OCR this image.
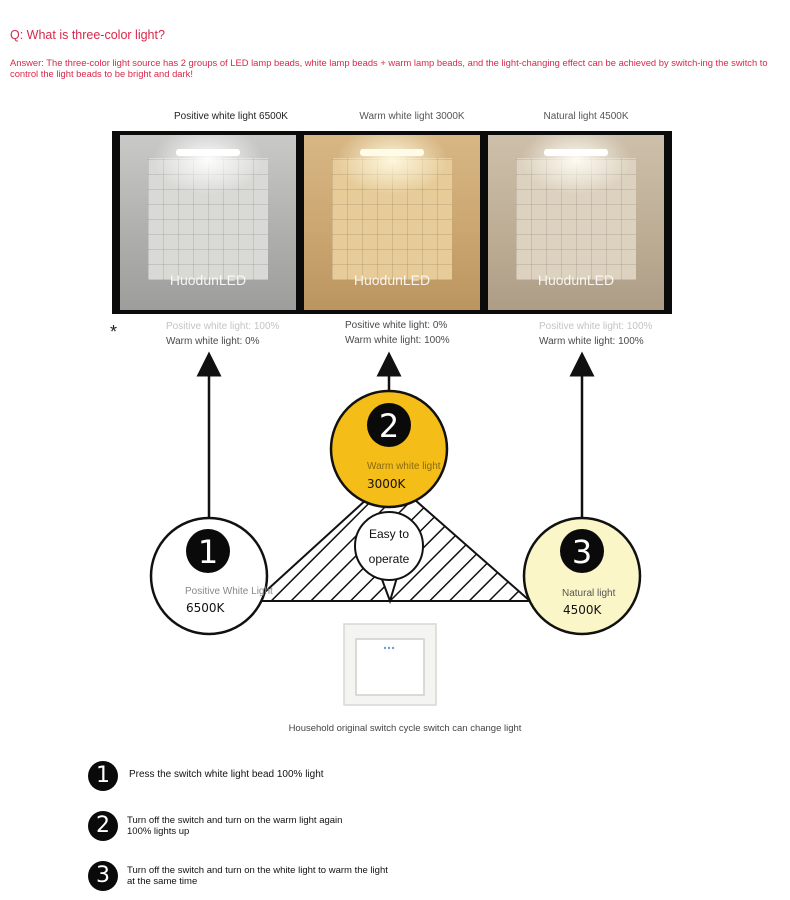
Q: What is three-color light?
Answer: The three-color light source has 2 groups of LED lamp beads, white lamp beads + warm lamp beads, and the light-changing effect can be achieved by switch-ing the switch to control the light beads to be bright and dark!
Positive white light 6500K	Warm white light 3000K	Natural light 4500K
HuodunLED	HuodunLED	HuodunLED
*	Positive white light: 100%
Warm white light: 0%
Positive white light: 0%
Warm white light: 100%
Positive white light: 100%
Warm white light: 100%
Easy to
operate
1
Positive White Light
6500K
2
Warm white light
3000K
3
Natural light
4500K
Household original switch cycle switch can change light
1	Press the switch white light bead 100% light
2	Turn off the switch and turn on the warm light again
100% lights up
3	Turn off the switch and turn on the white light to warm the light
at the same time
